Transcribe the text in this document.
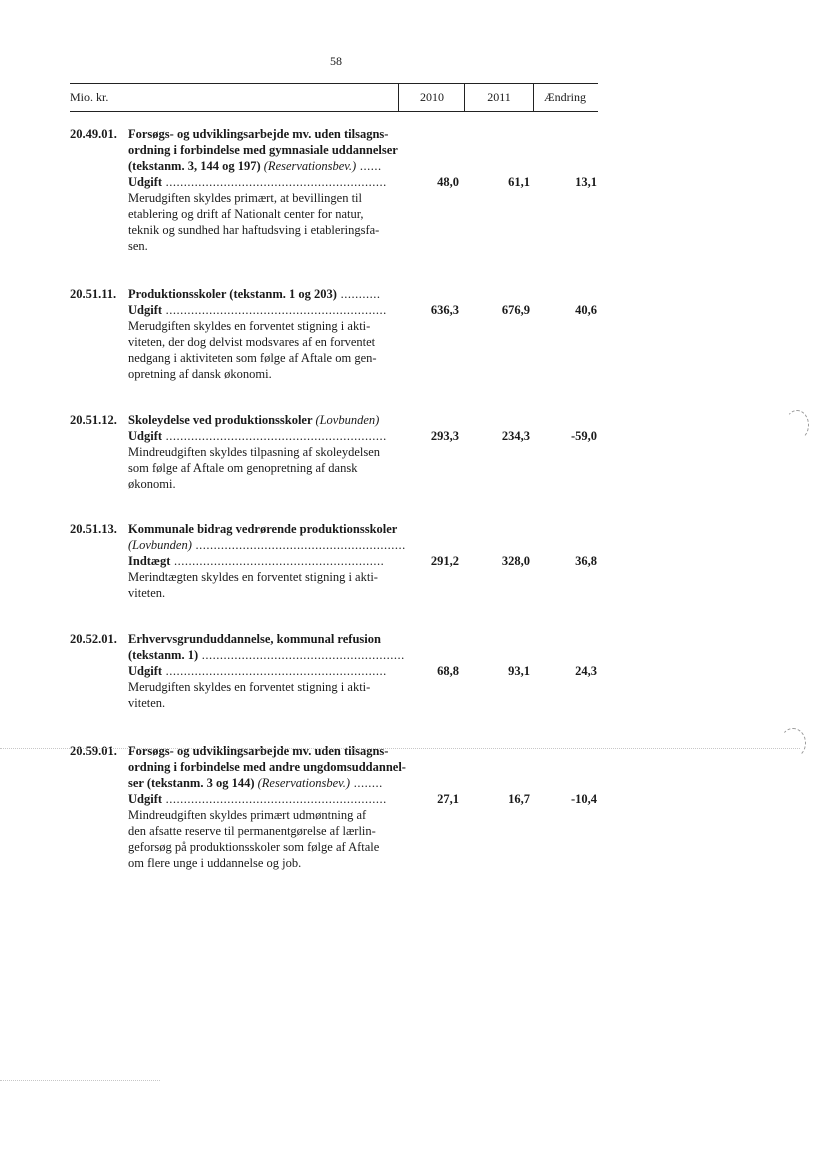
58
Mio. kr.	2010	2011	Ændring
20.49.01. Forsøgs- og udviklingsarbejde mv. uden tilsagns-
ordning i forbindelse med gymnasiale uddannelser
(tekstanm. 3, 144 og 197) (Reservationsbev.) ......
Udgift .............................................................
Merudgiften skyldes primært, at bevillingen til
etablering og drift af Nationalt center for natur,
teknik og sundhed har haftudsving i etableringsfa-
sen.
48,0	61,1	13,1
20.51.11. Produktionsskoler (tekstanm. 1 og 203) ...........
Udgift .............................................................
Merudgiften skyldes en forventet stigning i akti-
viteten, der dog delvist modsvares af en forventet
nedgang i aktiviteten som følge af Aftale om gen-
opretning af dansk økonomi.
636,3	676,9	40,6
20.51.12. Skoleydelse ved produktionsskoler (Lovbunden)
Udgift .............................................................
Mindreudgiften skyldes tilpasning af skoleydelsen
som følge af Aftale om genopretning af dansk
økonomi.
293,3	234,3	-59,0
20.51.13. Kommunale bidrag vedrørende produktionsskoler
(Lovbunden) ..........................................................
Indtægt ..........................................................
Merindtægten skyldes en forventet stigning i akti-
viteten.
291,2	328,0	36,8
20.52.01. Erhvervsgrunduddannelse, kommunal refusion
(tekstanm. 1) ........................................................
Udgift .............................................................
Merudgiften skyldes en forventet stigning i akti-
viteten.
68,8	93,1	24,3
20.59.01. Forsøgs- og udviklingsarbejde mv. uden tilsagns-
ordning i forbindelse med andre ungdomsuddannel-
ser (tekstanm. 3 og 144) (Reservationsbev.) ........
Udgift .............................................................
Mindreudgiften skyldes primært udmøntning af
den afsatte reserve til permanentgørelse af lærlin-
geforsøg på produktionsskoler som følge af Aftale
om flere unge i uddannelse og job.
27,1	16,7	-10,4
